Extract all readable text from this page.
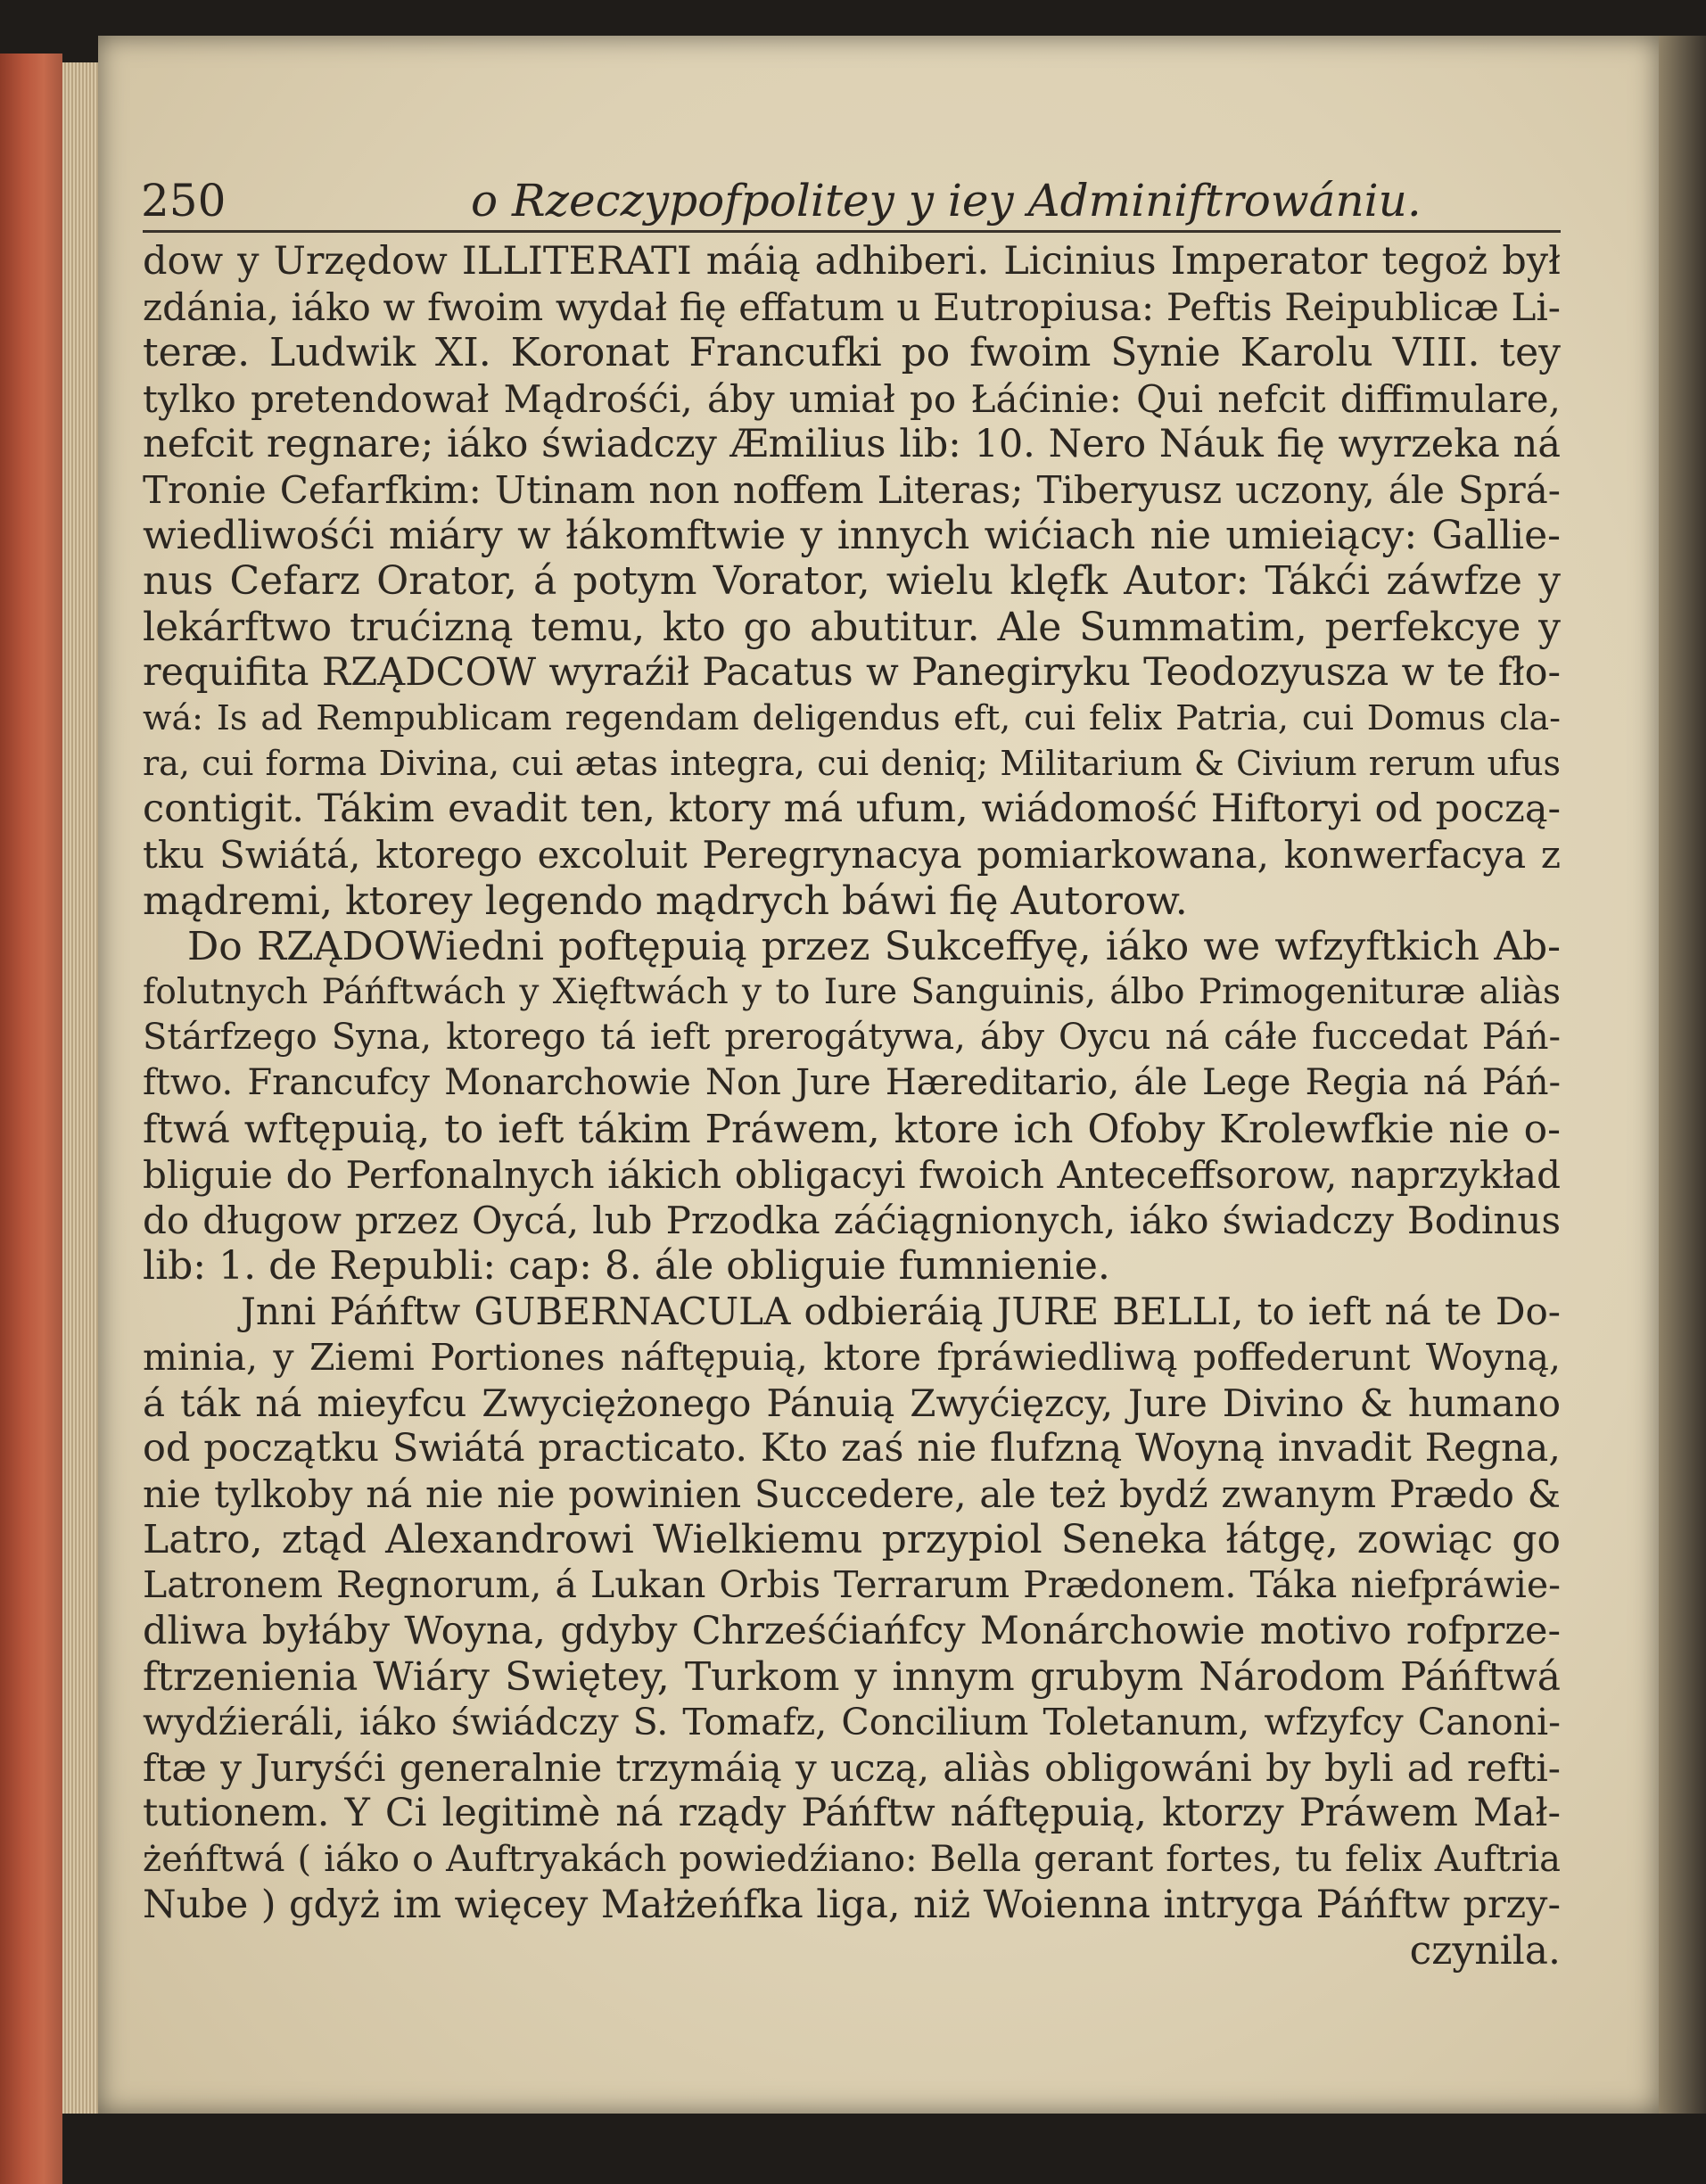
250	o Rzeczypofpolitey y iey Adminiftrowániu.
dow y Urzędow ILLITERATI máią adhiberi. Licinius Imperator tegoż był
zdánia, iáko w fwoim wydał fię effatum u Eutropiusa: Peftis Reipublicæ Li-
teræ. Ludwik XI. Koronat Francufki po fwoim Synie Karolu VIII. tey
tylko pretendował Mądrośći, áby umiał po Łáćinie: Qui nefcit diffimulare,
nefcit regnare; iáko świadczy Æmilius lib: 10. Nero Náuk fię wyrzeka ná
Tronie Cefarfkim: Utinam non noffem Literas; Tiberyusz uczony, ále Sprá-
wiedliwośći miáry w łákomftwie y innych wićiach nie umieiący: Gallie-
nus Cefarz Orator, á potym Vorator, wielu klęfk Autor: Tákći záwfze y
lekárftwo trućizną temu, kto go abutitur. Ale Summatim, perfekcye y
requifita RZĄDCOW wyraźił Pacatus w Panegiryku Teodozyusza w te fło-
wá: Is ad Rempublicam regendam deligendus eft, cui felix Patria, cui Domus cla-
ra, cui forma Divina, cui ætas integra, cui deniq; Militarium & Civium rerum ufus
contigit. Tákim evadit ten, ktory má ufum, wiádomość Hiftoryi od począ-
tku Swiátá, ktorego excoluit Peregrynacya pomiarkowana, konwerfacya z
mądremi, ktorey legendo mądrych báwi fię Autorow.
Do RZĄDOWiedni poftępuią przez Sukceffyę, iáko we wfzyftkich Ab-
folutnych Páńftwách y Xięftwách y to Iure Sanguinis, álbo Primogenituræ aliàs
Stárfzego Syna, ktorego tá ieft prerogátywa, áby Oycu ná cáłe fuccedat Páń-
ftwo. Francufcy Monarchowie Non Jure Hæreditario, ále Lege Regia ná Páń-
ftwá wftępuią, to ieft tákim Práwem, ktore ich Ofoby Krolewfkie nie o-
bliguie do Perfonalnych iákich obligacyi fwoich Anteceffsorow, naprzykład
do długow przez Oycá, lub Przodka záćiągnionych, iáko świadczy Bodinus
lib: 1. de Republi: cap: 8. ále obliguie fumnienie.
Jnni Páńftw GUBERNACULA odbieráią JURE BELLI, to ieft ná te Do-
minia, y Ziemi Portiones náftępuią, ktore fpráwiedliwą poffederunt Woyną,
á ták ná mieyfcu Zwyciężonego Pánuią Zwyćięzcy, Jure Divino & humano
od początku Swiátá practicato. Kto zaś nie flufzną Woyną invadit Regna,
nie tylkoby ná nie nie powinien Succedere, ale też bydź zwanym Prædo &
Latro, ztąd Alexandrowi Wielkiemu przypiol Seneka łátgę, zowiąc go
Latronem Regnorum, á Lukan Orbis Terrarum Prædonem. Táka niefpráwie-
dliwa byłáby Woyna, gdyby Chrześćiańfcy Monárchowie motivo rofprze-
ftrzenienia Wiáry Swiętey, Turkom y innym grubym Národom Páńftwá
wydźieráli, iáko świádczy S. Tomafz, Concilium Toletanum, wfzyfcy Canoni-
ftæ y Juryśći generalnie trzymáią y uczą, aliàs obligowáni by byli ad refti-
tutionem. Y Ci legitimè ná rządy Páńftw náftępuią, ktorzy Práwem Mał-
żeńftwá ( iáko o Auftryakách powiedźiano: Bella gerant fortes, tu felix Auftria
Nube ) gdyż im więcey Małżeńfka liga, niż Woienna intryga Páńftw przy-
czynila.
